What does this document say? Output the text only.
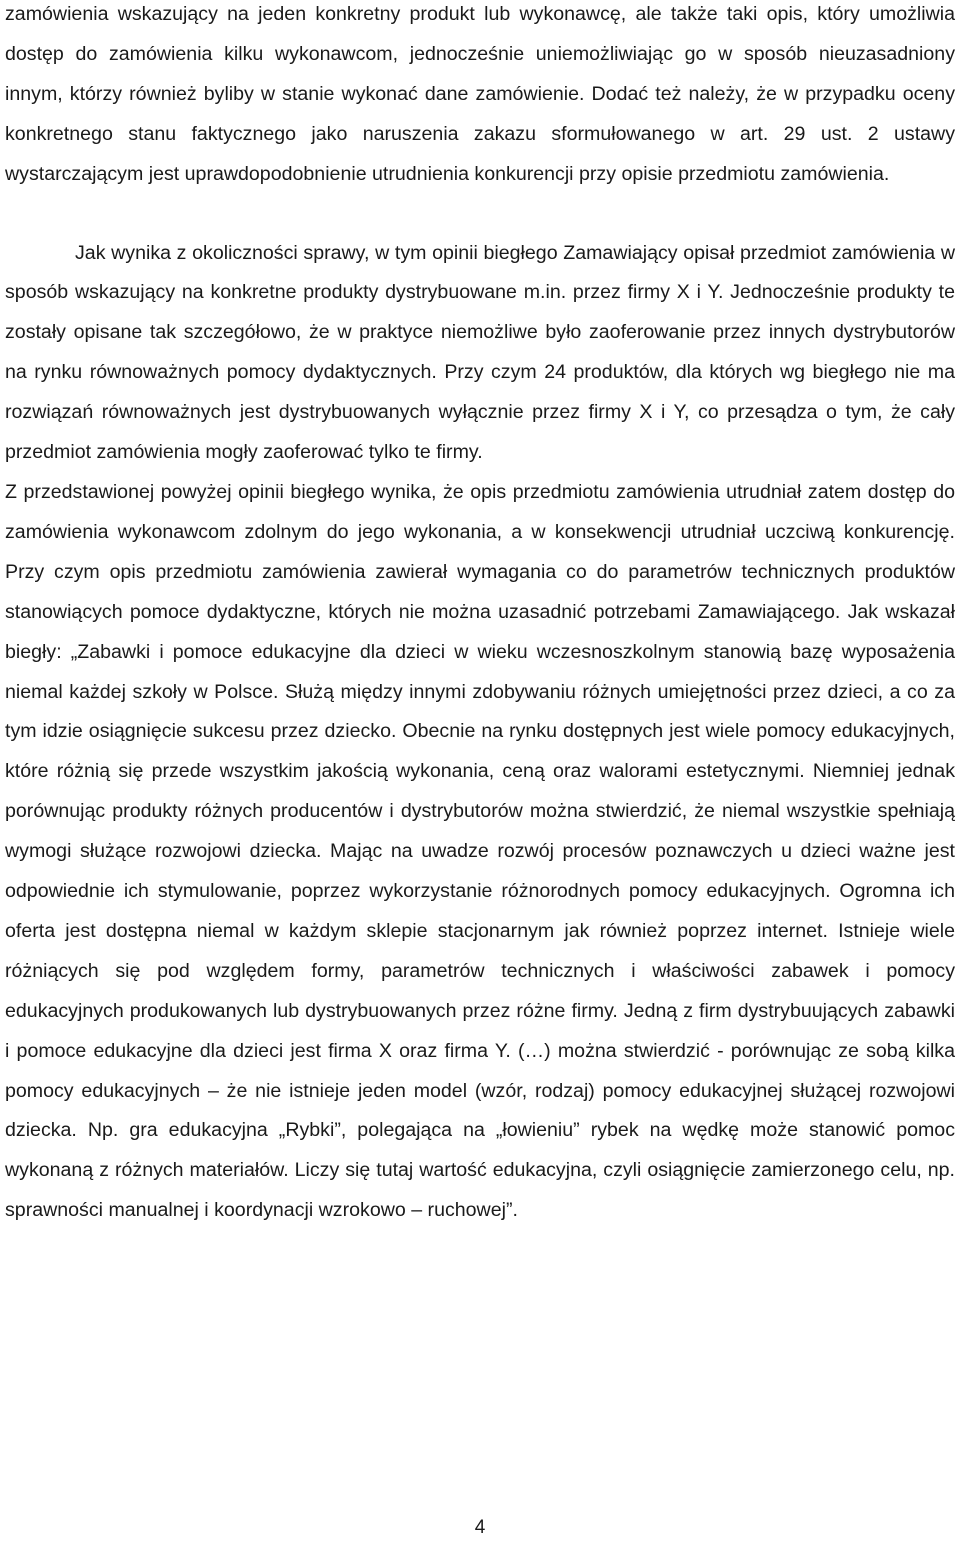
zamówienia wskazujący na jeden konkretny produkt lub wykonawcę, ale także taki opis, który umożliwia dostęp do zamówienia kilku wykonawcom, jednocześnie uniemożliwiając go w sposób nieuzasadniony innym, którzy również byliby w stanie wykonać dane zamówienie. Dodać też należy, że w przypadku oceny konkretnego stanu faktycznego jako naruszenia zakazu sformułowanego w art. 29 ust. 2 ustawy wystarczającym jest uprawdopodobnienie utrudnienia konkurencji przy opisie przedmiotu zamówienia.

Jak wynika z okoliczności sprawy, w tym opinii biegłego Zamawiający opisał przedmiot zamówienia w sposób wskazujący na konkretne produkty dystrybuowane m.in. przez firmy X i Y. Jednocześnie produkty te zostały opisane tak szczegółowo, że w praktyce niemożliwe było zaoferowanie przez innych dystrybutorów na rynku równoważnych pomocy dydaktycznych. Przy czym 24 produktów, dla których wg biegłego nie ma rozwiązań równoważnych jest dystrybuowanych wyłącznie przez firmy X i Y, co przesądza o tym, że cały przedmiot zamówienia mogły zaoferować tylko te firmy.

Z przedstawionej powyżej opinii biegłego wynika, że opis przedmiotu zamówienia utrudniał zatem dostęp do zamówienia wykonawcom zdolnym do jego wykonania, a w konsekwencji utrudniał uczciwą konkurencję. Przy czym opis przedmiotu zamówienia zawierał wymagania co do parametrów technicznych produktów stanowiących pomoce dydaktyczne, których nie można uzasadnić potrzebami Zamawiającego. Jak wskazał biegły: „Zabawki i pomoce edukacyjne dla dzieci w wieku wczesnoszkolnym stanowią bazę wyposażenia niemal każdej szkoły w Polsce. Służą między innymi zdobywaniu różnych umiejętności przez dzieci, a co za tym idzie osiągnięcie sukcesu przez dziecko. Obecnie na rynku dostępnych jest wiele pomocy edukacyjnych, które różnią się przede wszystkim jakością wykonania, ceną oraz walorami estetycznymi. Niemniej jednak porównując produkty różnych producentów i dystrybutorów można stwierdzić, że niemal wszystkie spełniają wymogi służące rozwojowi dziecka. Mając na uwadze rozwój procesów poznawczych u dzieci ważne jest odpowiednie ich stymulowanie, poprzez wykorzystanie różnorodnych pomocy edukacyjnych. Ogromna ich oferta jest dostępna niemal w każdym sklepie stacjonarnym jak również poprzez internet. Istnieje wiele różniących się pod względem formy, parametrów technicznych i właściwości zabawek i pomocy edukacyjnych produkowanych lub dystrybuowanych przez różne firmy. Jedną z firm dystrybuujących zabawki i pomoce edukacyjne dla dzieci jest firma X oraz firma Y. (…) można stwierdzić - porównując ze sobą kilka pomocy edukacyjnych – że nie istnieje jeden model (wzór, rodzaj) pomocy edukacyjnej służącej rozwojowi dziecka. Np. gra edukacyjna „Rybki”, polegająca na „łowieniu” rybek na wędkę może stanowić pomoc wykonaną z różnych materiałów. Liczy się tutaj wartość edukacyjna, czyli osiągnięcie zamierzonego celu, np. sprawności manualnej i koordynacji wzrokowo – ruchowej”.

4
